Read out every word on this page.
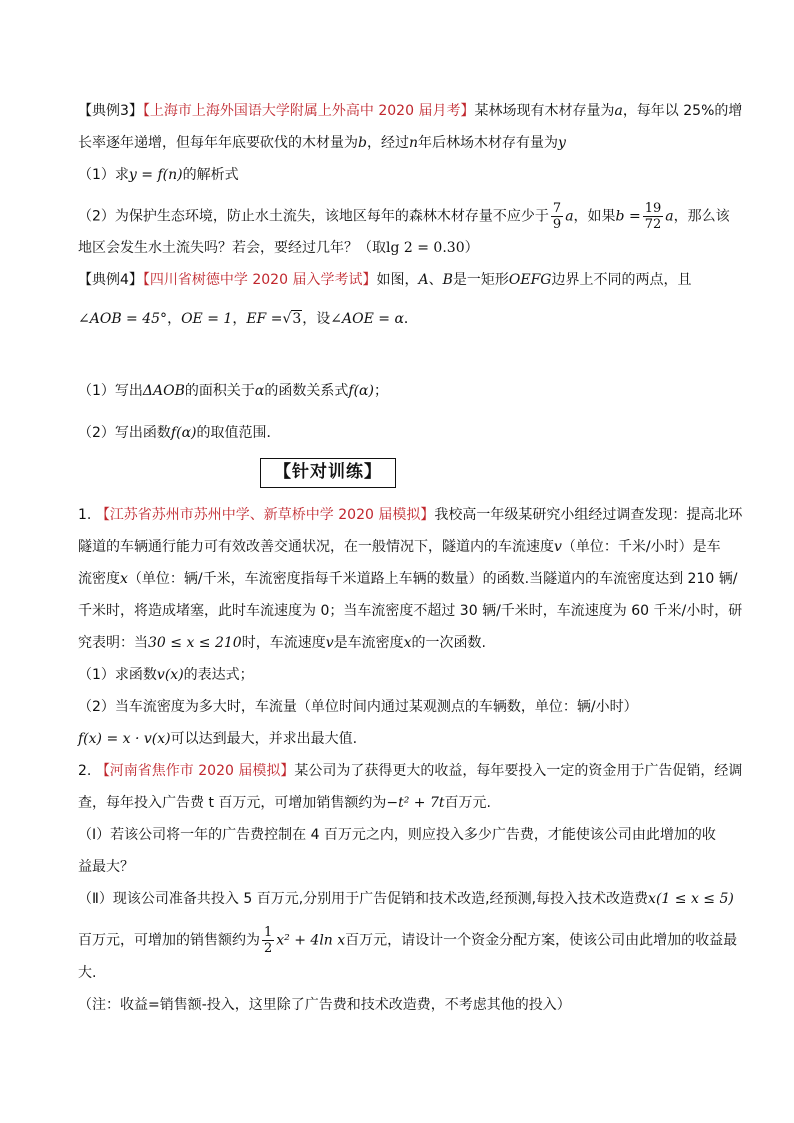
【典例3】【上海市上海外国语大学附属上外高中 2020 届月考】某林场现有木材存量为a，每年以 25%的增
长率逐年递增，但每年年底要砍伐的木材量为b，经过n年后林场木材存有量为y
（1）求y = f(n)的解析式
（2）为保护生态环境，防止水土流失，该地区每年的森林木材存量不应少于 $\frac{7}{9}$ a，如果$b = \frac{19}{72}$ a，那么该
地区会发生水土流失吗？若会，要经过几年？（取lg 2 = 0.30）
【典例4】【四川省树德中学 2020 届入学考试】如图，A、B是一矩形OEFG边界上不同的两点，且
∠AOB = 45°，OE = 1，EF =√3，设∠AOE = α．
（1）写出ΔAOB的面积关于α的函数关系式f(α)；
（2）写出函数f(α)的取值范围．
【针对训练】
1. 【江苏省苏州市苏州中学、新草桥中学 2020 届模拟】我校高一年级某研究小组经过调查发现：提高北环
隧道的车辆通行能力可有效改善交通状况，在一般情况下，隧道内的车流速度v（单位：千米/小时）是车
流密度x（单位：辆/千米，车流密度指每千米道路上车辆的数量）的函数.当隧道内的车流密度达到 210 辆/
千米时，将造成堵塞，此时车流速度为 0；当车流密度不超过 30 辆/千米时，车流速度为 60 千米/小时，研
究表明：当30 ≤ x ≤ 210时，车流速度v是车流密度x的一次函数.
（1）求函数v(x)的表达式；
（2）当车流密度为多大时，车流量（单位时间内通过某观测点的车辆数，单位：辆/小时）
f(x) = x · v(x)可以达到最大，并求出最大值.
2. 【河南省焦作市 2020 届模拟】某公司为了获得更大的收益，每年要投入一定的资金用于广告促销，经调
查，每年投入广告费 t 百万元，可增加销售额约为−t² + 7t百万元.
（Ⅰ）若该公司将一年的广告费控制在 4 百万元之内，则应投入多少广告费，才能使该公司由此增加的收
益最大？
（Ⅱ）现该公司准备共投入 5 百万元,分别用于广告促销和技术改造,经预测,每投入技术改造费x(1 ≤ x ≤ 5)
百万元，可增加的销售额约为 $\frac{1}{2} x^2 + 4\ln$ x百万元，请设计一个资金分配方案，使该公司由此增加的收益最
大.
（注：收益=销售额-投入，这里除了广告费和技术改造费，不考虑其他的投入）
